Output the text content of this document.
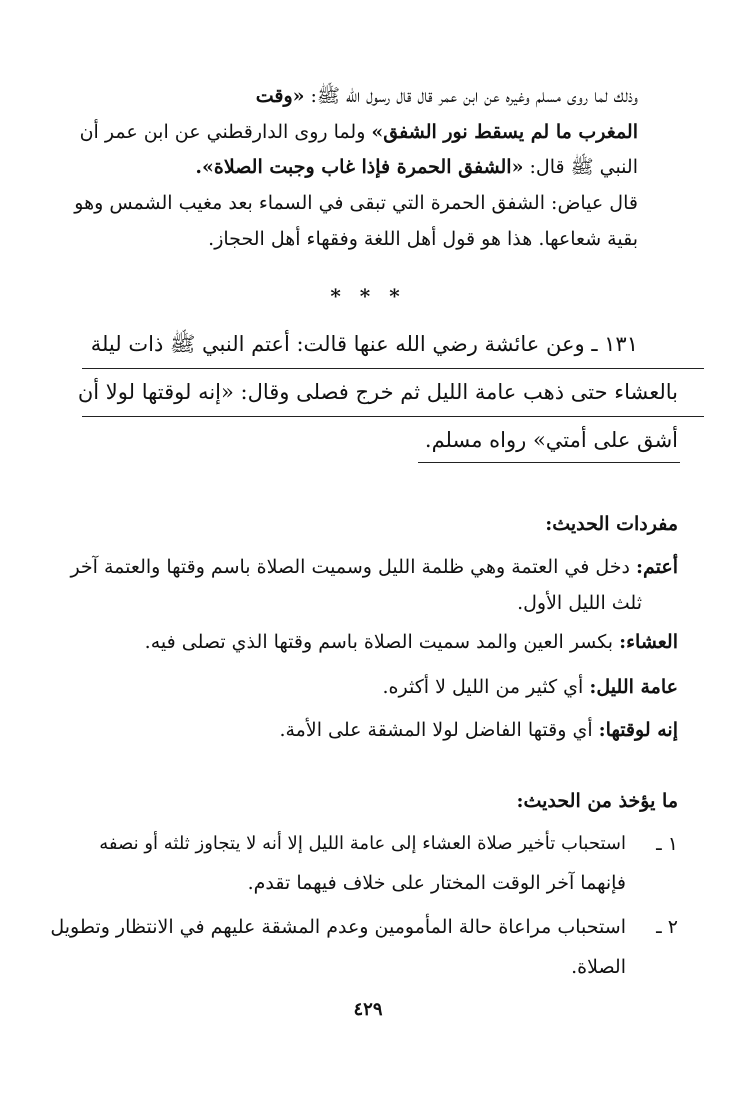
وذلك لما روى مسلم وغيره عن ابن عمر قال قال رسول الله ﷺ: «وقت
المغرب ما لم يسقط نور الشفق» ولما روى الدارقطني عن ابن عمر أن
النبي ﷺ قال: «الشفق الحمرة فإذا غاب وجبت الصلاة».
قال عياض: الشفق الحمرة التي تبقى في السماء بعد مغيب الشمس وهو
بقية شعاعها. هذا هو قول أهل اللغة وفقهاء أهل الحجاز.
* * *
١٣١ ـ وعن عائشة رضي الله عنها قالت: أعتم النبي ﷺ ذات ليلة
بالعشاء حتى ذهب عامة الليل ثم خرج فصلى وقال: «إنه لوقتها لولا أن
أشق على أمتي» رواه مسلم.
مفردات الحديث:
أعتم: دخل في العتمة وهي ظلمة الليل وسميت الصلاة باسم وقتها والعتمة آخر
ثلث الليل الأول.
العشاء: بكسر العين والمد سميت الصلاة باسم وقتها الذي تصلى فيه.
عامة الليل: أي كثير من الليل لا أكثره.
إنه لوقتها: أي وقتها الفاضل لولا المشقة على الأمة.
ما يؤخذ من الحديث:
١ ـ
استحباب تأخير صلاة العشاء إلى عامة الليل إلا أنه لا يتجاوز ثلثه أو نصفه
فإنهما آخر الوقت المختار على خلاف فيهما تقدم.
٢ ـ
استحباب مراعاة حالة المأمومين وعدم المشقة عليهم في الانتظار وتطويل
الصلاة.
٤٢٩
